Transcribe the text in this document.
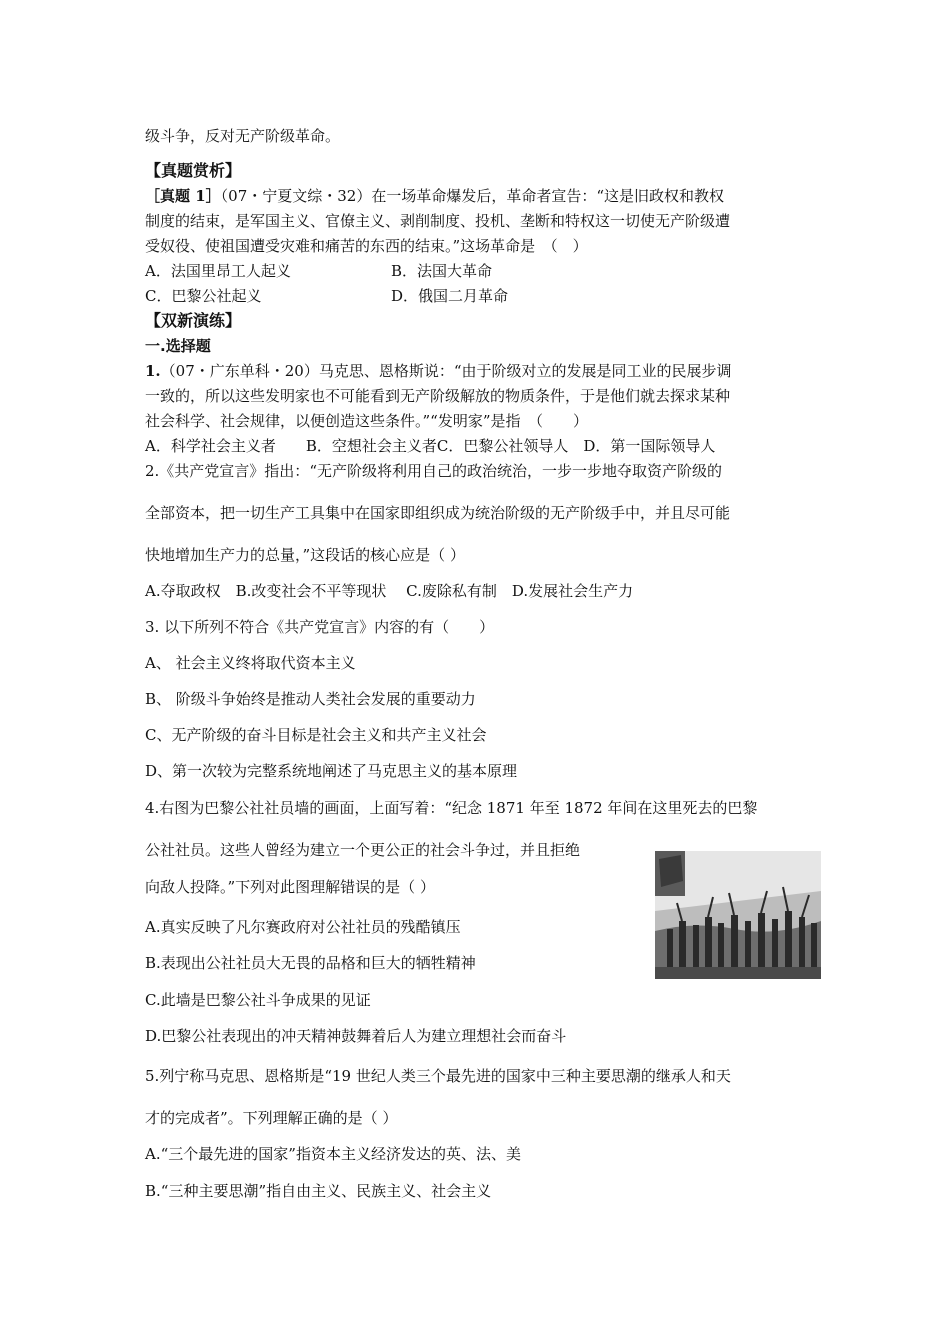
级斗争，反对无产阶级革命。
【真题赏析】
［真题 1］（07・宁夏文综・32）在一场革命爆发后，革命者宣告：“这是旧政权和教权
制度的结束，是军国主义、官僚主义、剥削制度、投机、垄断和特权这一切使无产阶级遭
受奴役、使祖国遭受灾难和痛苦的东西的结束。”这场革命是　（　）
A．法国里昂工人起义	B．法国大革命
C．巴黎公社起义	D．俄国二月革命
【双新演练】
一.选择题
1.（07・广东单科・20）马克思、恩格斯说：“由于阶级对立的发展是同工业的民展步调
一致的，所以这些发明家也不可能看到无产阶级解放的物质条件，于是他们就去探求某种
社会科学、社会规律，以便创造这些条件。”“发明家”是指　（　　）
A．科学社会主义者　　B．空想社会主义者C．巴黎公社领导人　D．第一国际领导人
2.《共产党宣言》指出：“无产阶级将利用自己的政治统治，一步一步地夺取资产阶级的
全部资本，把一切生产工具集中在国家即组织成为统治阶级的无产阶级手中，并且尽可能
快地增加生产力的总量，”这段话的核心应是（ ）
A.夺取政权　B.改变社会不平等现状　 C.废除私有制　D.发展社会生产力
3. 以下所列不符合《共产党宣言》内容的有（　　）
A、 社会主义终将取代资本主义
B、 阶级斗争始终是推动人类社会发展的重要动力
C、无产阶级的奋斗目标是社会主义和共产主义社会
D、第一次较为完整系统地阐述了马克思主义的基本原理
4.右图为巴黎公社社员墙的画面，上面写着：“纪念 1871 年至 1872 年间在这里死去的巴黎
公社社员。这些人曾经为建立一个更公正的社会斗争过，并且拒绝
向敌人投降。”下列对此图理解错误的是（ ）
A.真实反映了凡尔赛政府对公社社员的残酷镇压
B.表现出公社社员大无畏的品格和巨大的牺牲精神
C.此墙是巴黎公社斗争成果的见证
D.巴黎公社表现出的冲天精神鼓舞着后人为建立理想社会而奋斗
5.列宁称马克思、恩格斯是“19 世纪人类三个最先进的国家中三种主要思潮的继承人和天
才的完成者”。下列理解正确的是（ ）
A.“三个最先进的国家”指资本主义经济发达的英、法、美
B.“三种主要思潮”指自由主义、民族主义、社会主义
